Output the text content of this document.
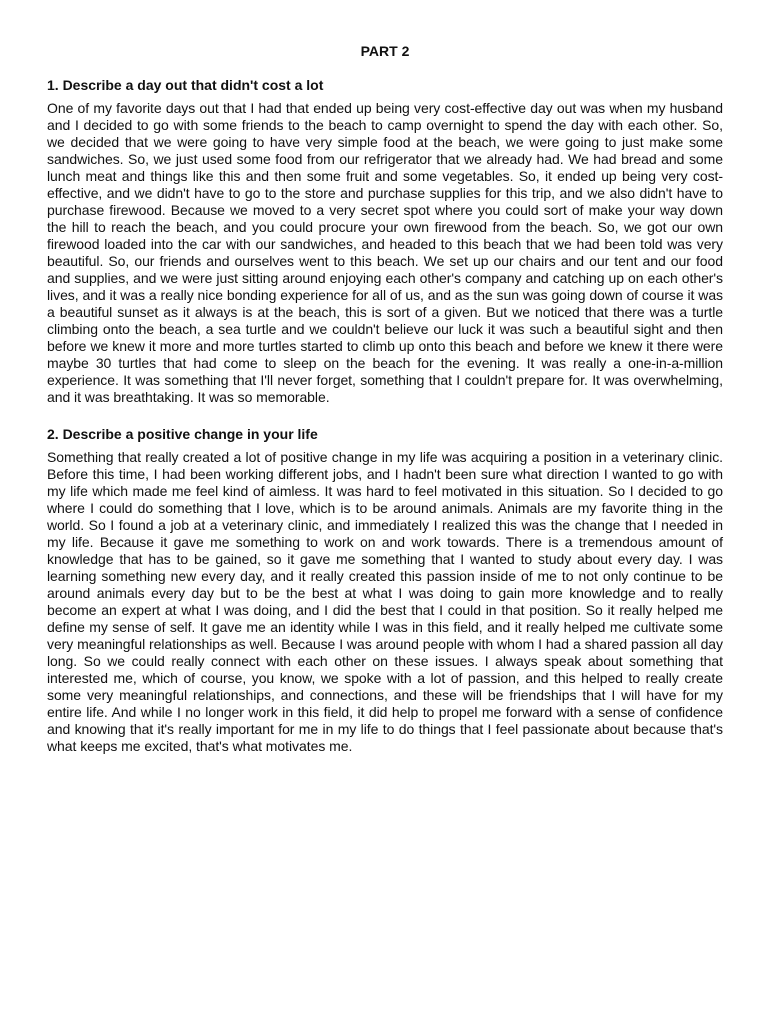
PART 2
1. Describe a day out that didn't cost a lot

One of my favorite days out that I had that ended up being very cost-effective day out was when my husband and I decided to go with some friends to the beach to camp overnight to spend the day with each other. So, we decided that we were going to have very simple food at the beach, we were going to just make some sandwiches. So, we just used some food from our refrigerator that we already had. We had bread and some lunch meat and things like this and then some fruit and some vegetables. So, it ended up being very cost-effective, and we didn't have to go to the store and purchase supplies for this trip, and we also didn't have to purchase firewood. Because we moved to a very secret spot where you could sort of make your way down the hill to reach the beach, and you could procure your own firewood from the beach. So, we got our own firewood loaded into the car with our sandwiches, and headed to this beach that we had been told was very beautiful. So, our friends and ourselves went to this beach. We set up our chairs and our tent and our food and supplies, and we were just sitting around enjoying each other's company and catching up on each other's lives, and it was a really nice bonding experience for all of us, and as the sun was going down of course it was a beautiful sunset as it always is at the beach, this is sort of a given. But we noticed that there was a turtle climbing onto the beach, a sea turtle and we couldn't believe our luck it was such a beautiful sight and then before we knew it more and more turtles started to climb up onto this beach and before we knew it there were maybe 30 turtles that had come to sleep on the beach for the evening. It was really a one-in-a-million experience. It was something that I'll never forget, something that I couldn't prepare for. It was overwhelming, and it was breathtaking. It was so memorable.

2. Describe a positive change in your life

Something that really created a lot of positive change in my life was acquiring a position in a veterinary clinic. Before this time, I had been working different jobs, and I hadn't been sure what direction I wanted to go with my life which made me feel kind of aimless. It was hard to feel motivated in this situation. So I decided to go where I could do something that I love, which is to be around animals. Animals are my favorite thing in the world. So I found a job at a veterinary clinic, and immediately I realized this was the change that I needed in my life. Because it gave me something to work on and work towards. There is a tremendous amount of knowledge that has to be gained, so it gave me something that I wanted to study about every day. I was learning something new every day, and it really created this passion inside of me to not only continue to be around animals every day but to be the best at what I was doing to gain more knowledge and to really become an expert at what I was doing, and I did the best that I could in that position. So it really helped me define my sense of self. It gave me an identity while I was in this field, and it really helped me cultivate some very meaningful relationships as well. Because I was around people with whom I had a shared passion all day long. So we could really connect with each other on these issues. I always speak about something that interested me, which of course, you know, we spoke with a lot of passion, and this helped to really create some very meaningful relationships, and connections, and these will be friendships that I will have for my entire life. And while I no longer work in this field, it did help to propel me forward with a sense of confidence and knowing that it's really important for me in my life to do things that I feel passionate about because that's what keeps me excited, that's what motivates me.
